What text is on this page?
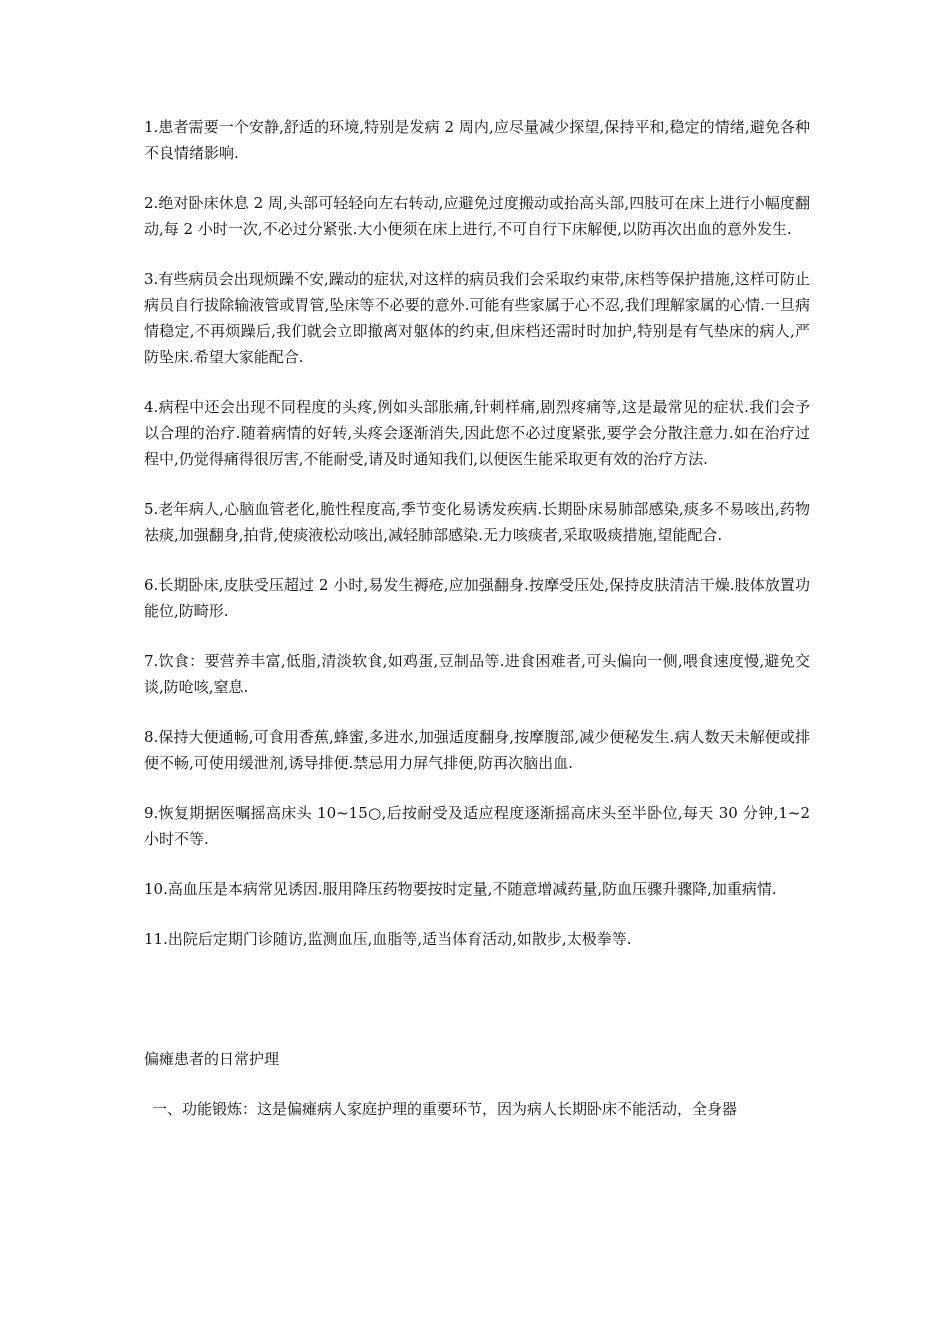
1.患者需要一个安静,舒适的环境,特别是发病 2 周内,应尽量减少探望,保持平和,稳定的情绪,避免各种不良情绪影响.

2.绝对卧床休息 2 周,头部可轻轻向左右转动,应避免过度搬动或抬高头部,四肢可在床上进行小幅度翻动,每 2 小时一次,不必过分紧张.大小便须在床上进行,不可自行下床解便,以防再次出血的意外发生.

3.有些病员会出现烦躁不安,躁动的症状,对这样的病员我们会采取约束带,床档等保护措施,这样可防止病员自行拔除输液管或胃管,坠床等不必要的意外.可能有些家属于心不忍,我们理解家属的心情.一旦病情稳定,不再烦躁后,我们就会立即撤离对躯体的约束,但床档还需时时加护,特别是有气垫床的病人,严防坠床.希望大家能配合.

4.病程中还会出现不同程度的头疼,例如头部胀痛,针刺样痛,剧烈疼痛等,这是最常见的症状.我们会予以合理的治疗.随着病情的好转,头疼会逐渐消失,因此您不必过度紧张,要学会分散注意力.如在治疗过程中,仍觉得痛得很厉害,不能耐受,请及时通知我们,以便医生能采取更有效的治疗方法.

5.老年病人,心脑血管老化,脆性程度高,季节变化易诱发疾病.长期卧床易肺部感染,痰多不易咳出,药物祛痰,加强翻身,拍背,使痰液松动咳出,减轻肺部感染.无力咳痰者,采取吸痰措施,望能配合.

6.长期卧床,皮肤受压超过 2 小时,易发生褥疮,应加强翻身.按摩受压处,保持皮肤清洁干燥.肢体放置功能位,防畸形.

7.饮食：要营养丰富,低脂,清淡软食,如鸡蛋,豆制品等.进食困难者,可头偏向一侧,喂食速度慢,避免交谈,防呛咳,窒息.

8.保持大便通畅,可食用香蕉,蜂蜜,多进水,加强适度翻身,按摩腹部,减少便秘发生.病人数天未解便或排便不畅,可使用缓泄剂,诱导排便.禁忌用力屏气排便,防再次脑出血.

9.恢复期据医嘱摇高床头 10~15○,后按耐受及适应程度逐渐摇高床头至半卧位,每天 30 分钟,1~2 小时不等.

10.高血压是本病常见诱因.服用降压药物要按时定量,不随意增减药量,防血压骤升骤降,加重病情.

11.出院后定期门诊随访,监测血压,血脂等,适当体育活动,如散步,太极拳等.

偏瘫患者的日常护理

一、功能锻炼：这是偏瘫病人家庭护理的重要环节，因为病人长期卧床不能活动，全身器
